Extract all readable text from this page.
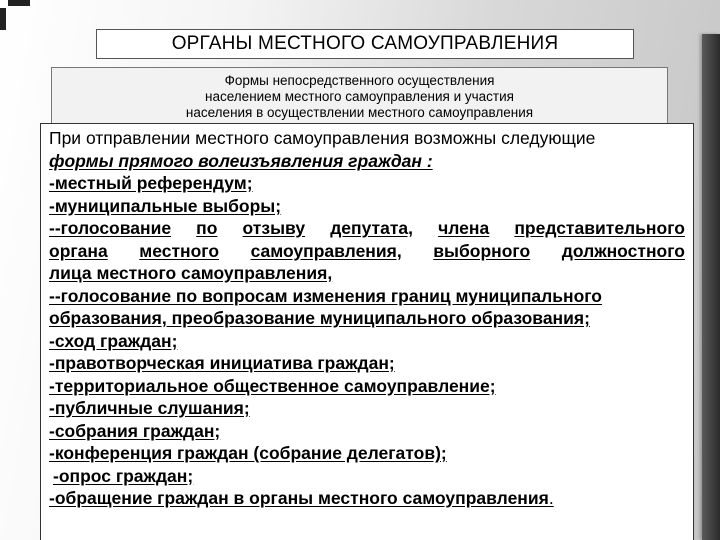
ОРГАНЫ МЕСТНОГО САМОУПРАВЛЕНИЯ
Формы непосредственного осуществления
населением местного самоуправления и участия
населения в осуществлении местного самоуправления
При отправлении местного самоуправления возможны следующие
формы прямого волеизъявления граждан :
-местный референдум;
-муниципальные выборы;
--голосование по отзыву депутата, члена представительного
органа местного самоуправления, выборного должностного
лица местного самоуправления,
--голосование по вопросам изменения границ муниципального
образования, преобразование муниципального образования;
-сход граждан;
-правотворческая инициатива граждан;
-территориальное общественное самоуправление;
-публичные слушания;
-собрания граждан;
-конференция граждан (собрание делегатов);
-опрос граждан;
-обращение граждан в органы местного самоуправления.
